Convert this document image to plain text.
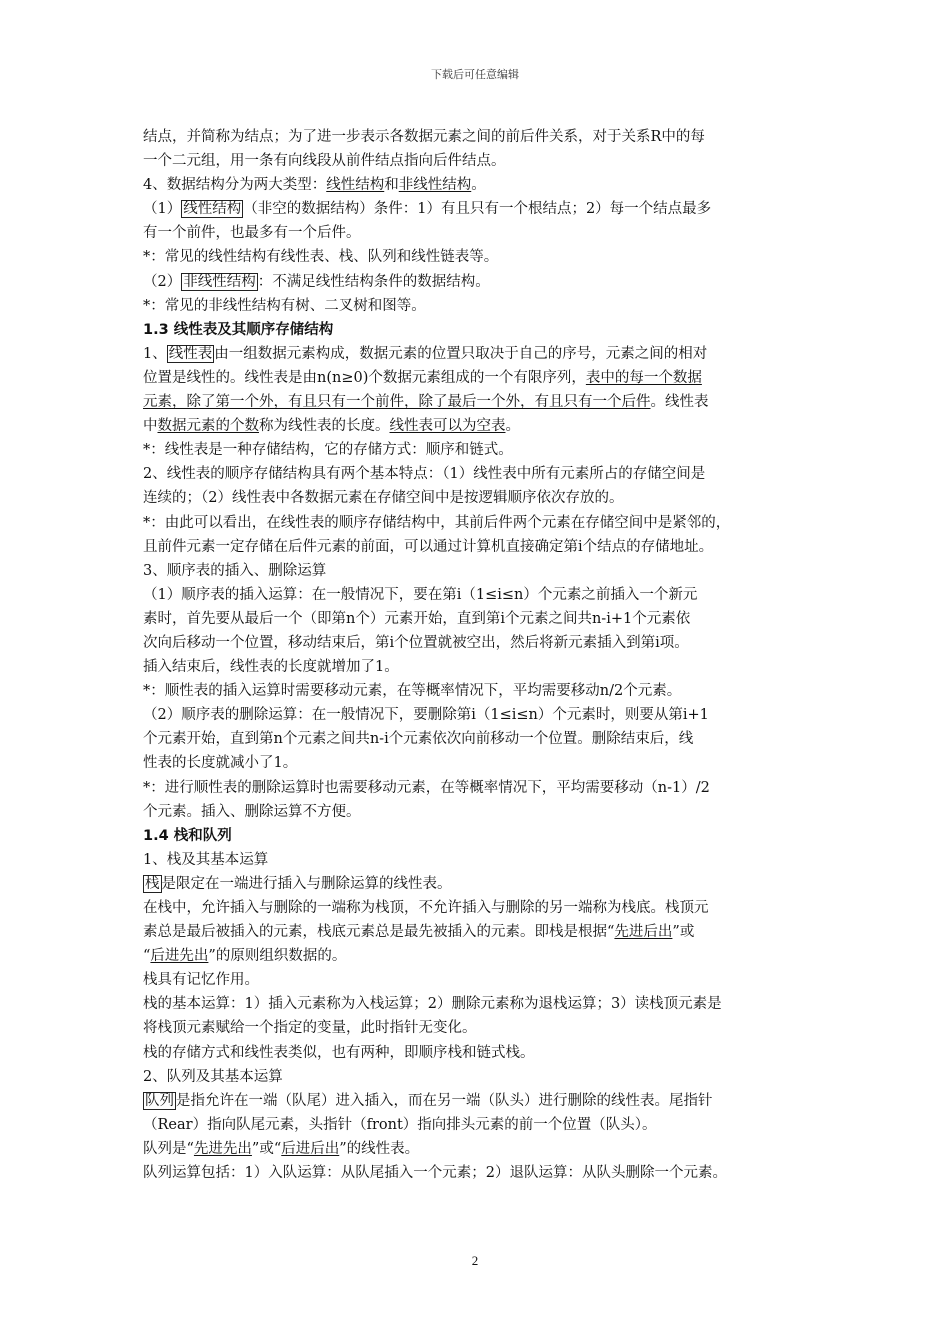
下载后可任意编辑
结点，并简称为结点；为了进一步表示各数据元素之间的前后件关系，对于关系R中的每
一个二元组，用一条有向线段从前件结点指向后件结点。
4、数据结构分为两大类型：线性结构和非线性结构。
（1） 线性结构 （非空的数据结构）条件：1）有且只有一个根结点；2）每一个结点最多
有一个前件，也最多有一个后件。
*：常见的线性结构有线性表、栈、队列和线性链表等。
（2） 非线性结构 ：不满足线性结构条件的数据结构。
*：常见的非线性结构有树、二叉树和图等。
1.3 线性表及其顺序存储结构
1、 线性表 由一组数据元素构成，数据元素的位置只取决于自己的序号，元素之间的相对
位置是线性的。线性表是由n(n≥0)个数据元素组成的一个有限序列，表中的每一个数据
元素，除了第一个外，有且只有一个前件，除了最后一个外，有且只有一个后件。线性表
中数据元素的个数称为线性表的长度。线性表可以为空表。
*：线性表是一种存储结构，它的存储方式：顺序和链式。
2、线性表的顺序存储结构具有两个基本特点：（1）线性表中所有元素所占的存储空间是
连续的；（2）线性表中各数据元素在存储空间中是按逻辑顺序依次存放的。
*：由此可以看出，在线性表的顺序存储结构中，其前后件两个元素在存储空间中是紧邻的，
且前件元素一定存储在后件元素的前面，可以通过计算机直接确定第i个结点的存储地址。
3、顺序表的插入、删除运算
（1）顺序表的插入运算：在一般情况下，要在第i（1≤i≤n）个元素之前插入一个新元
素时，首先要从最后一个（即第n个）元素开始，直到第i个元素之间共n-i+1个元素依
次向后移动一个位置，移动结束后，第i个位置就被空出，然后将新元素插入到第i项。
插入结束后，线性表的长度就增加了1。
*：顺性表的插入运算时需要移动元素，在等概率情况下，平均需要移动n/2个元素。
（2）顺序表的删除运算：在一般情况下，要删除第i（1≤i≤n）个元素时，则要从第i+1
个元素开始，直到第n个元素之间共n-i个元素依次向前移动一个位置。删除结束后，线
性表的长度就减小了1。
*：进行顺性表的删除运算时也需要移动元素，在等概率情况下，平均需要移动（n-1）/2
个元素。插入、删除运算不方便。
1.4 栈和队列
1、栈及其基本运算
栈 是限定在一端进行插入与删除运算的线性表。
在栈中，允许插入与删除的一端称为栈顶，不允许插入与删除的另一端称为栈底。栈顶元
素总是最后被插入的元素，栈底元素总是最先被插入的元素。即栈是根据“先进后出”或
“后进先出”的原则组织数据的。
栈具有记忆作用。
栈的基本运算：1）插入元素称为入栈运算；2）删除元素称为退栈运算；3）读栈顶元素是
将栈顶元素赋给一个指定的变量，此时指针无变化。
栈的存储方式和线性表类似，也有两种，即顺序栈和链式栈。
2、队列及其基本运算
队列 是指允许在一端（队尾）进入插入，而在另一端（队头）进行删除的线性表。尾指针
（Rear）指向队尾元素，头指针（front）指向排头元素的前一个位置（队头）。
队列是“先进先出”或“后进后出”的线性表。
队列运算包括：1）入队运算：从队尾插入一个元素；2）退队运算：从队头删除一个元素。
2
